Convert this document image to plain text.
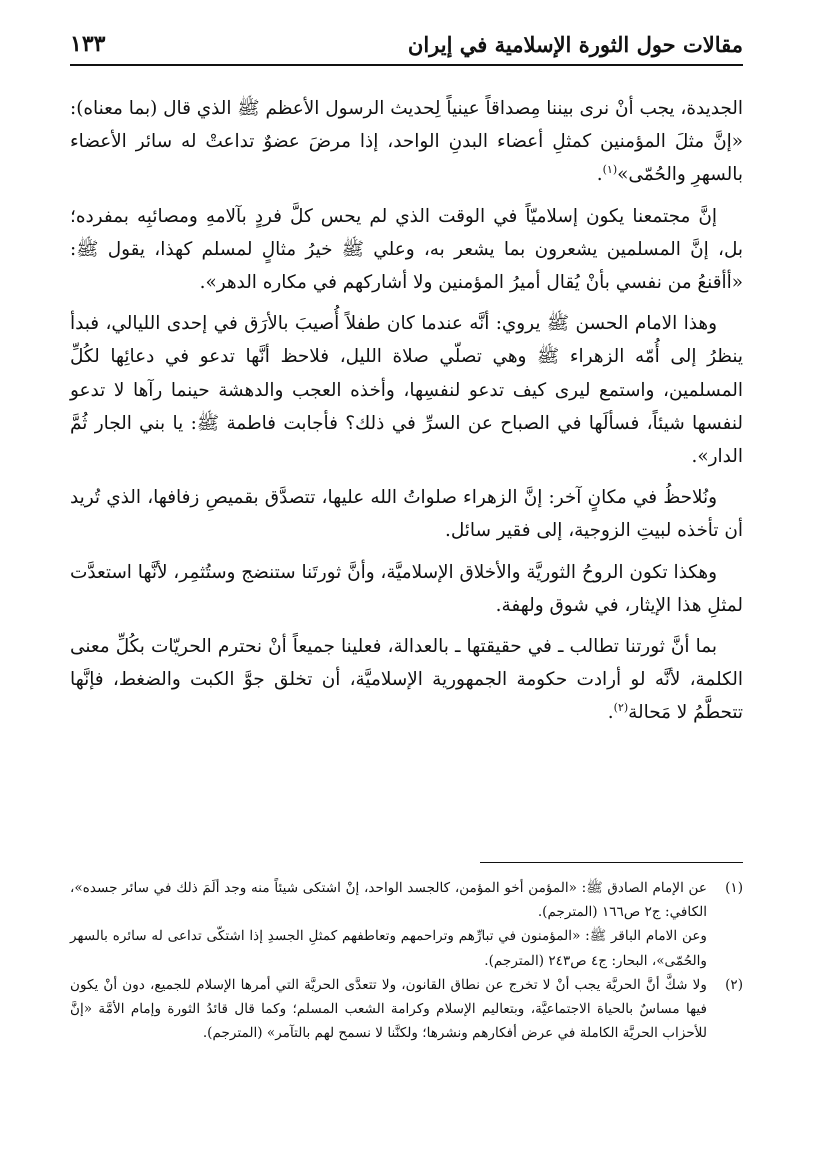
مقالات حول الثورة الإسلامية في إيران
١٣٣

الجديدة، يجب أنْ نرى بيننا مِصداقاً عينياً لِحديث الرسول الأعظم ﷺ الذي قال (بما معناه): «إنَّ مثلَ المؤمنين كمثلِ أعضاء البدنِ الواحد، إذا مرضَ عضوٌ تداعتْ له سائر الأعضاء بالسهرِ والحُمّى»$^{(١)}$.

إنَّ مجتمعنا يكون إسلاميّاً في الوقت الذي لم يحس كلَّ فردٍ بآلامهِ ومصائبِه بمفرده؛ بل، إنَّ المسلمين يشعرون بما يشعر به، وعلي ﷺ خيرُ مثالٍ لمسلم كهذا، يقول ﷺ: «أأقنعُ من نفسي بأنْ يُقال أميرُ المؤمنين ولا أشاركهم في مكاره الدهر».

وهذا الامام الحسن ﷺ يروي: أنَّه عندما كان طفلاً أُصيبَ بالأرَق في إحدى الليالي، فبدأ ينظرُ إلى أُمّه الزهراء ﷺ وهي تصلّي صلاة الليل، فلاحظ أنَّها تدعو في دعائِها لكُلِّ المسلمين، واستمع ليرى كيف تدعو لنفسِها، وأخذه العجب والدهشة حينما رآها لا تدعو لنفسها شيئاً، فسألَها في الصباح عن السرِّ في ذلك؟ فأجابت فاطمة ﷺ: يا بني الجار ثُمَّ الدار».

ونُلاحظُ في مكانٍ آخر: إنَّ الزهراء صلواتُ الله عليها، تتصدَّق بقميصِ زفافها، الذي تُريد أن تأخذه لبيتِ الزوجية، إلى فقير سائل.

وهكذا تكون الروحُ الثوريَّة والأخلاق الإسلاميَّة، وأنَّ ثورتَنا ستنضج وستُثمِر، لأنَّها استعدَّت لمثلِ هذا الإيثار، في شوق ولهفة.

بما أنَّ ثورتنا تطالب ـ في حقيقتها ـ بالعدالة، فعلينا جميعاً أنْ نحترم الحريّات بكُلِّ معنى الكلمة، لأنَّه لو أرادت حكومة الجمهورية الإسلاميَّة، أن تخلق جوَّ الكبت والضغط، فإنَّها تتحطَّمُ لا مَحالة$^{(٢)}$.

(١)
عن الإمام الصادق ﷺ: «المؤمن أخو المؤمن، كالجسد الواحد، إنْ اشتكى شيئاً منه وجد ألَمَ ذلك في سائر جسده»، الكافي: ج٢ ص١٦٦ (المترجم).
وعن الامام الباقر ﷺ: «المؤمنون في تبارِّهم وتراحمهم وتعاطفهم كمثلِ الجسدِ إذا اشتكّى تداعى له سائره بالسهر والحُمّى»، البحار: ج٤ ص٢٤٣ (المترجم).
(٢)
ولا شكَّ أنَّ الحريَّة يجب أنْ لا تخرج عن نطاق القانون، ولا تتعدَّى الحريَّة التي أمرها الإسلام للجميع، دون أنْ يكون فيها مساسٌ بالحياة الاجتماعيَّة، وبتعاليم الإسلام وكرامة الشعب المسلم؛ وكما قال قائدُ الثورة وإمام الأمَّة «إنَّ للأحزاب الحريَّة الكاملة في عرض أفكارهم ونشرها؛ ولكنَّنا لا نسمح لهم بالتآمر» (المترجم).
